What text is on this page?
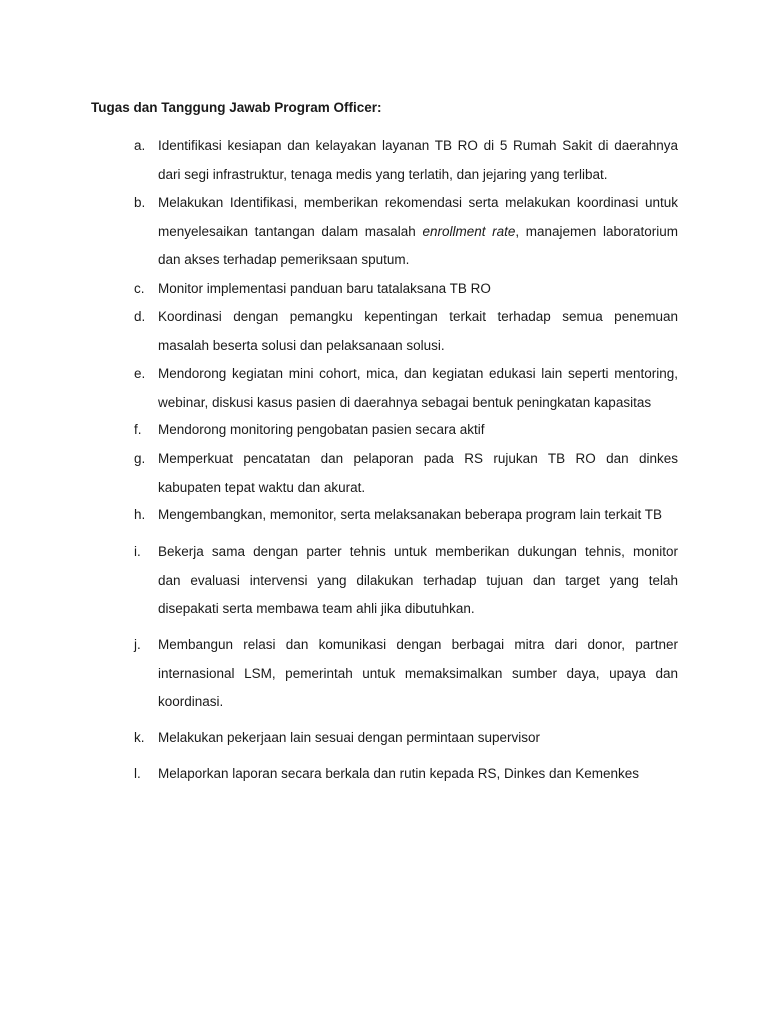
Tugas dan Tanggung Jawab Program Officer:
a. Identifikasi kesiapan dan kelayakan layanan TB RO di 5 Rumah Sakit di daerahnya
dari segi infrastruktur, tenaga medis yang terlatih, dan jejaring yang terlibat.

b. Melakukan Identifikasi, memberikan rekomendasi serta melakukan koordinasi untuk
menyelesaikan tantangan dalam masalah enrollment rate, manajemen laboratorium
dan akses terhadap pemeriksaan sputum.

c. Monitor implementasi panduan baru tatalaksana TB RO

d. Koordinasi dengan pemangku kepentingan terkait terhadap semua penemuan
masalah beserta solusi dan pelaksanaan solusi.

e. Mendorong kegiatan mini cohort, mica, dan kegiatan edukasi lain seperti mentoring,
webinar, diskusi kasus pasien di daerahnya sebagai bentuk peningkatan kapasitas

f. Mendorong monitoring pengobatan pasien secara aktif

g. Memperkuat pencatatan dan pelaporan pada RS rujukan TB RO dan dinkes
kabupaten tepat waktu dan akurat.

h. Mengembangkan, memonitor, serta melaksanakan beberapa program lain terkait TB

i. Bekerja sama dengan parter tehnis untuk memberikan dukungan tehnis, monitor
dan evaluasi intervensi yang dilakukan terhadap tujuan dan target yang telah
disepakati serta membawa team ahli jika dibutuhkan.

j. Membangun relasi dan komunikasi dengan berbagai mitra dari donor, partner
internasional LSM, pemerintah untuk memaksimalkan sumber daya, upaya dan
koordinasi.

k. Melakukan pekerjaan lain sesuai dengan permintaan supervisor

l. Melaporkan laporan secara berkala dan rutin kepada RS, Dinkes dan Kemenkes
